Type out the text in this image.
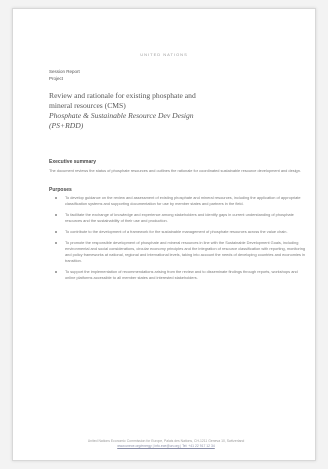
UNITED NATIONS
Session Report
Project
Review and rationale for existing phosphate and
mineral resources (CMS)
Phosphate & Sustainable Resource Dev Design
(PS+RDD)
Executive summary
The document reviews the status of phosphate resources and outlines the rationale for coordinated sustainable resource development and design.
Purposes
To develop guidance on the review and assessment of existing phosphate and mineral resources, including the application of appropriate classification systems and supporting documentation for use by member states and partners in the field.
To facilitate the exchange of knowledge and experience among stakeholders and identify gaps in current understanding of phosphate resources and the sustainability of their use and production.
To contribute to the development of a framework for the sustainable management of phosphate resources across the value chain.
To promote the responsible development of phosphate and mineral resources in line with the Sustainable Development Goals, including environmental and social considerations, circular economy principles and the integration of resource classification with reporting, monitoring and policy frameworks at national, regional and international levels, taking into account the needs of developing countries and economies in transition.
To support the implementation of recommendations arising from the review and to disseminate findings through reports, workshops and online platforms accessible to all member states and interested stakeholders.
United Nations Economic Commission for Europe, Palais des Nations, CH-1211 Geneva 10, Switzerland
www.unece.org/energy | info.ece@un.org | Tel: +41 22 917 12 34
